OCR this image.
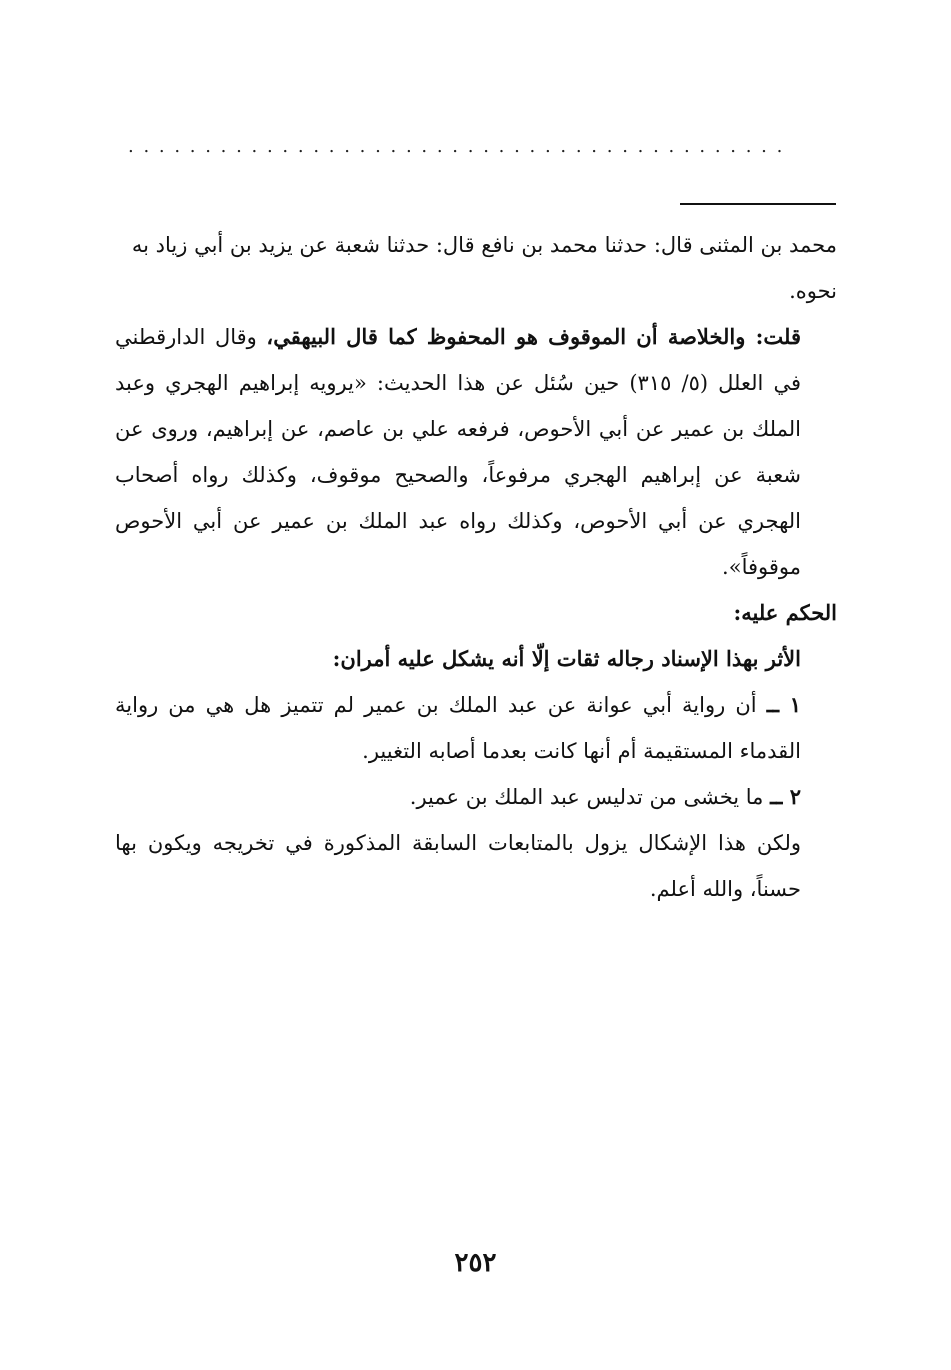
. . . . . . . . . . . . . . . . . . . . . . . . . . . . . . . . . . . . . . . . . . .

محمد بن المثنى قال: حدثنا محمد بن نافع قال: حدثنا شعبة عن يزيد بن أبي زياد به

نحوه.

قلت: والخلاصة أن الموقوف هو المحفوظ كما قال البيهقي، وقال الدارقطني في العلل (٥/ ٣١٥) حين سُئل عن هذا الحديث: «يرويه إبراهيم الهجري وعبد الملك بن عمير عن أبي الأحوص، فرفعه علي بن عاصم، عن إبراهيم، وروى عن شعبة عن إبراهيم الهجري مرفوعاً، والصحيح موقوف، وكذلك رواه أصحاب الهجري عن أبي الأحوص، وكذلك رواه عبد الملك بن عمير عن أبي الأحوص موقوفاً».

الحكم عليه:

الأثر بهذا الإسناد رجاله ثقات إلّا أنه يشكل عليه أمران:

١ ــ أن رواية أبي عوانة عن عبد الملك بن عمير لم تتميز هل هي من رواية القدماء المستقيمة أم أنها كانت بعدما أصابه التغيير.

٢ ــ ما يخشى من تدليس عبد الملك بن عمير.

ولكن هذا الإشكال يزول بالمتابعات السابقة المذكورة في تخريجه ويكون بها حسناً، والله أعلم.

٢٥٢
